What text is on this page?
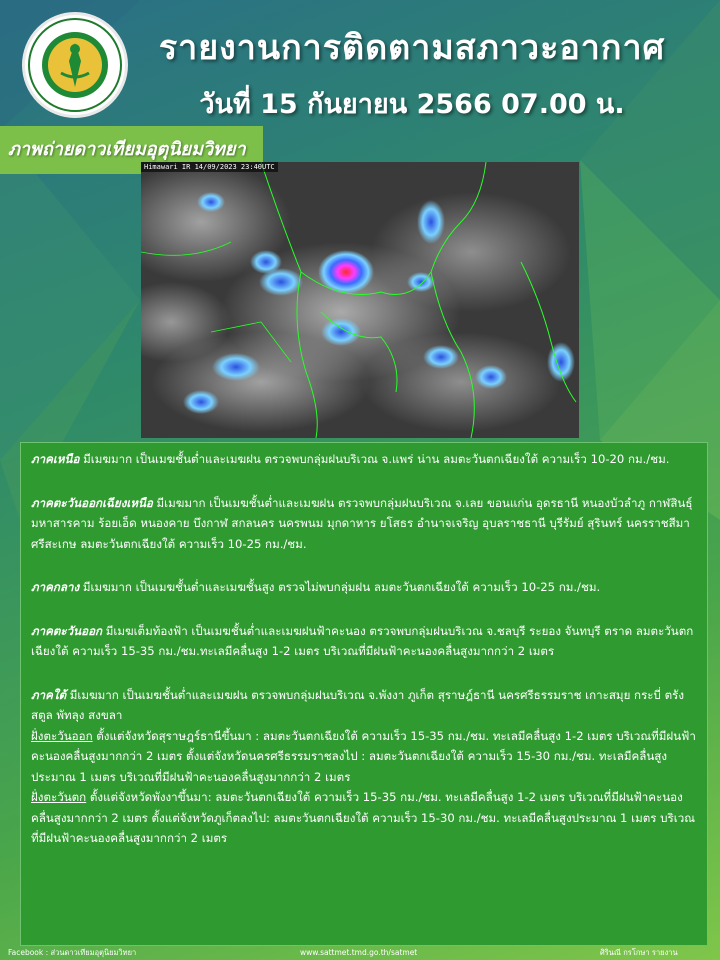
รายงานการติดตามสภาวะอากาศ
วันที่ 15 กันยายน 2566 07.00 น.
ภาพถ่ายดาวเทียมอุตุนิยมวิทยา
Himawari IR 14/09/2023 23:40UTC

ภาคเหนือ มีเมฆมาก เป็นเมฆชั้นต่ำและเมฆฝน ตรวจพบกลุ่มฝนบริเวณ จ.แพร่ น่าน ลมตะวันตกเฉียงใต้ ความเร็ว 10-20 กม./ชม.

ภาคตะวันออกเฉียงเหนือ มีเมฆมาก เป็นเมฆชั้นต่ำและเมฆฝน ตรวจพบกลุ่มฝนบริเวณ จ.เลย ขอนแก่น อุดรธานี หนองบัวลำภู กาฬสินธุ์ มหาสารคาม ร้อยเอ็ด หนองคาย บึงกาฬ สกลนคร นครพนม มุกดาหาร ยโสธร อำนาจเจริญ อุบลราชธานี บุรีรัมย์ สุรินทร์ นครราชสีมา ศรีสะเกษ ลมตะวันตกเฉียงใต้ ความเร็ว 10-25 กม./ชม.

ภาคกลาง มีเมฆมาก เป็นเมฆชั้นต่ำและเมฆชั้นสูง ตรวจไม่พบกลุ่มฝน ลมตะวันตกเฉียงใต้ ความเร็ว 10-25 กม./ชม.

ภาคตะวันออก มีเมฆเต็มท้องฟ้า เป็นเมฆชั้นต่ำและเมฆฝนฟ้าคะนอง ตรวจพบกลุ่มฝนบริเวณ จ.ชลบุรี ระยอง จันทบุรี ตราด ลมตะวันตกเฉียงใต้ ความเร็ว 15-35 กม./ชม.ทะเลมีคลื่นสูง 1-2 เมตร บริเวณที่มีฝนฟ้าคะนองคลื่นสูงมากกว่า 2 เมตร

ภาคใต้ มีเมฆมาก เป็นเมฆชั้นต่ำและเมฆฝน ตรวจพบกลุ่มฝนบริเวณ จ.พังงา ภูเก็ต สุราษฎ์ธานี นครศรีธรรมราช เกาะสมุย กระบี่ ตรัง สตูล พัทลุง สงขลา
ฝั่งตะวันออก ตั้งแต่จังหวัดสุราษฎร์ธานีขึ้นมา : ลมตะวันตกเฉียงใต้ ความเร็ว 15-35 กม./ชม. ทะเลมีคลื่นสูง 1-2 เมตร บริเวณที่มีฝนฟ้าคะนองคลื่นสูงมากกว่า 2 เมตร ตั้งแต่จังหวัดนครศรีธรรมราชลงไป : ลมตะวันตกเฉียงใต้ ความเร็ว 15-30 กม./ชม. ทะเลมีคลื่นสูงประมาณ 1 เมตร บริเวณที่มีฝนฟ้าคะนองคลื่นสูงมากกว่า 2 เมตร
ฝั่งตะวันตก ตั้งแต่จังหวัดพังงาขึ้นมา: ลมตะวันตกเฉียงใต้ ความเร็ว 15-35 กม./ชม. ทะเลมีคลื่นสูง 1-2 เมตร บริเวณที่มีฝนฟ้าคะนองคลื่นสูงมากกว่า 2 เมตร ตั้งแต่จังหวัดภูเก็ตลงไป: ลมตะวันตกเฉียงใต้ ความเร็ว 15-30 กม./ชม. ทะเลมีคลื่นสูงประมาณ 1 เมตร บริเวณที่มีฝนฟ้าคะนองคลื่นสูงมากกว่า 2 เมตร

Facebook : ส่วนดาวเทียมอุตุนิยมวิทยา	www.sattmet.tmd.go.th/satmet	ศิรินณี กรโกษา รายงาน
